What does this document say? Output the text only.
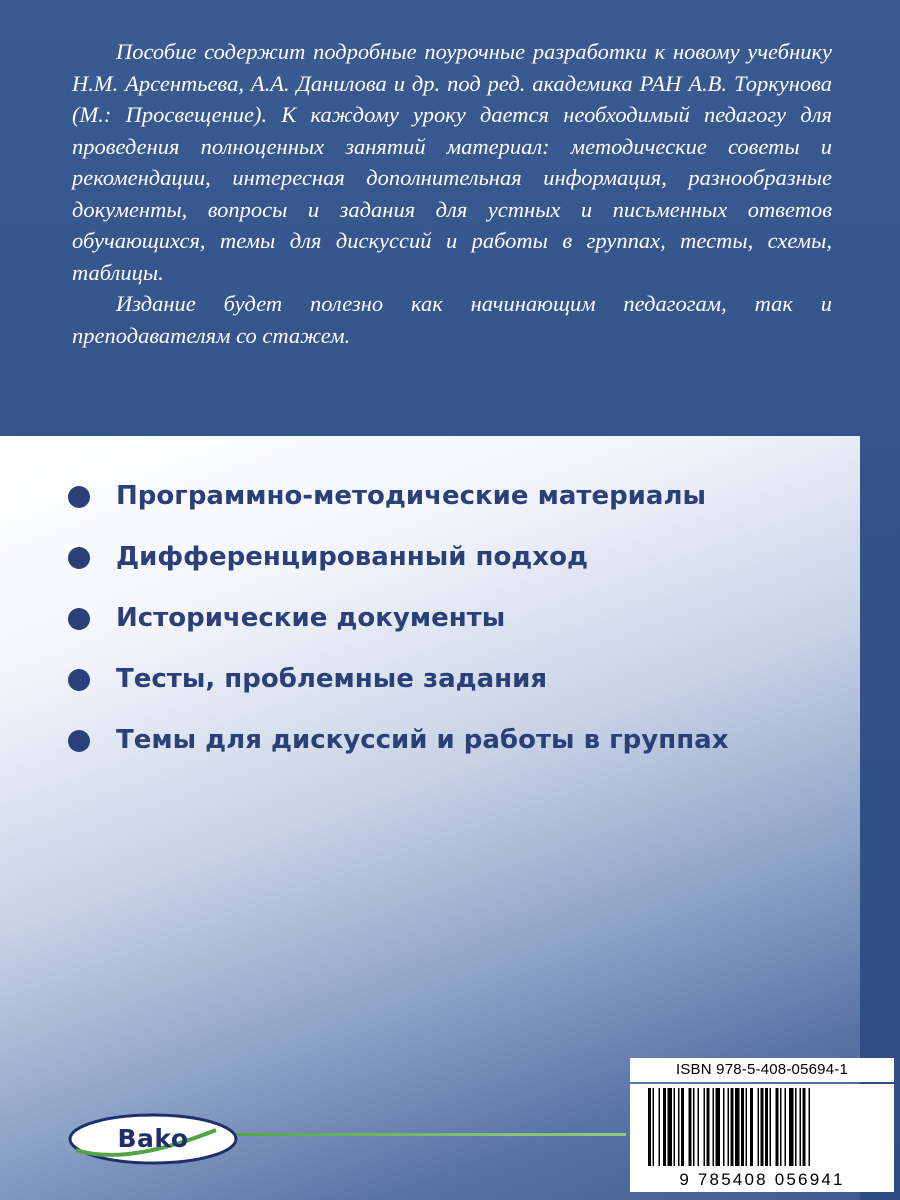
Пособие содержит подробные поурочные разработки к новому учебнику Н.М. Арсентьева, А.А. Данилова и др. под ред. академика РАН А.В. Торкунова (М.: Просвещение). К каждому уроку дается необходимый педагогу для проведения полноценных занятий материал: методические советы и рекомендации, интересная дополнительная информация, разнообразные документы, вопросы и задания для устных и письменных ответов обучающихся, темы для дискуссий и работы в группах, тесты, схемы, таблицы.

Издание будет полезно как начинающим педагогам, так и преподавателям со стажем.

Программно-методические материалы
Дифференцированный подход
Исторические документы
Тесты, проблемные задания
Темы для дискуссий и работы в группах
Bako
ISBN 978-5-408-05694-1
9 785408 056941
